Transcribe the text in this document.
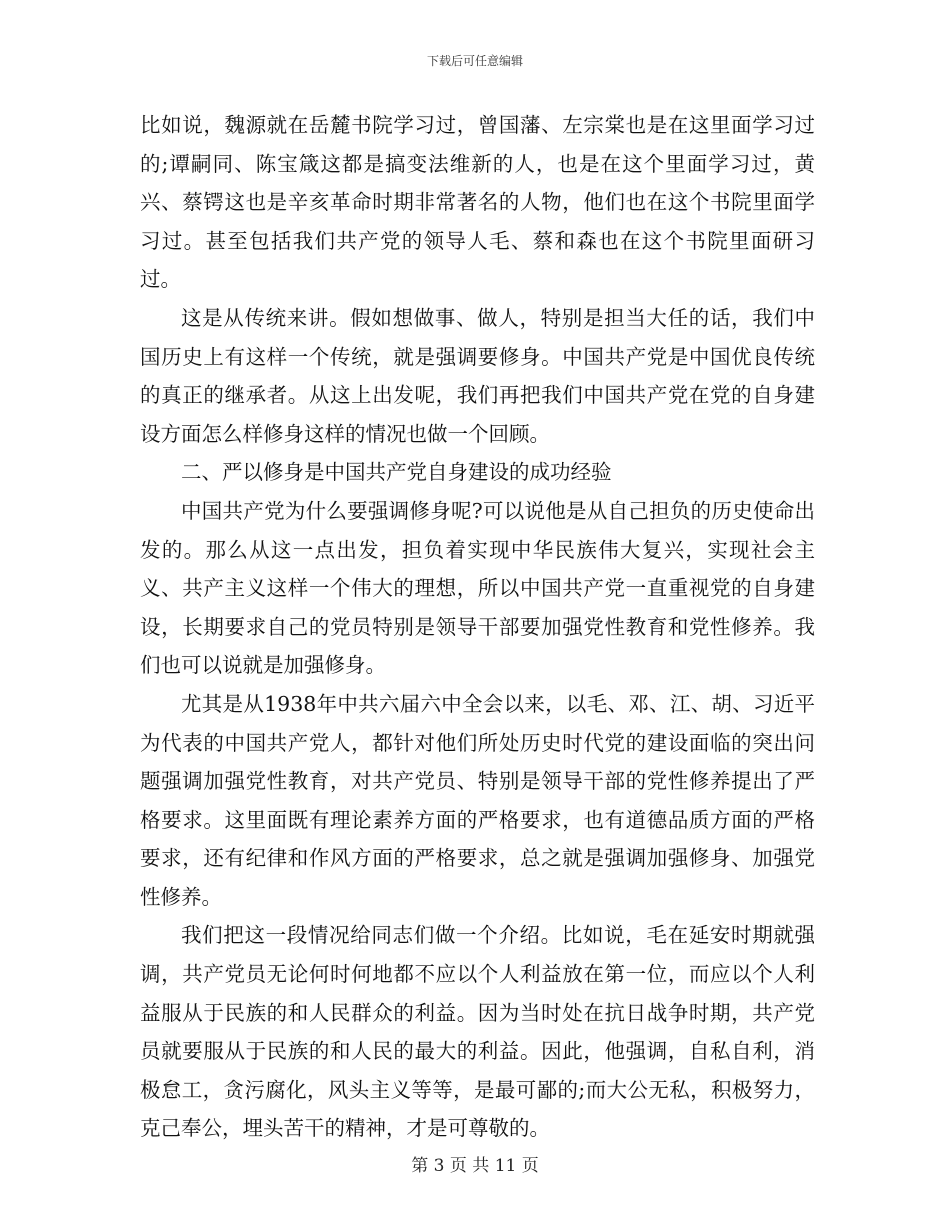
下载后可任意编辑

比如说，魏源就在岳麓书院学习过，曾国藩、左宗棠也是在这里面学习过的;谭嗣同、陈宝箴这都是搞变法维新的人，也是在这个里面学习过，黄兴、蔡锷这也是辛亥革命时期非常著名的人物，他们也在这个书院里面学习过。甚至包括我们共产党的领导人毛、蔡和森也在这个书院里面研习过。

这是从传统来讲。假如想做事、做人，特别是担当大任的话，我们中国历史上有这样一个传统，就是强调要修身。中国共产党是中国优良传统的真正的继承者。从这上出发呢，我们再把我们中国共产党在党的自身建设方面怎么样修身这样的情况也做一个回顾。

二、严以修身是中国共产党自身建设的成功经验

中国共产党为什么要强调修身呢?可以说他是从自己担负的历史使命出发的。那么从这一点出发，担负着实现中华民族伟大复兴，实现社会主义、共产主义这样一个伟大的理想，所以中国共产党一直重视党的自身建设，长期要求自己的党员特别是领导干部要加强党性教育和党性修养。我们也可以说就是加强修身。

尤其是从1938年中共六届六中全会以来，以毛、邓、江、胡、习近平为代表的中国共产党人，都针对他们所处历史时代党的建设面临的突出问题强调加强党性教育，对共产党员、特别是领导干部的党性修养提出了严格要求。这里面既有理论素养方面的严格要求，也有道德品质方面的严格要求，还有纪律和作风方面的严格要求，总之就是强调加强修身、加强党性修养。

我们把这一段情况给同志们做一个介绍。比如说，毛在延安时期就强调，共产党员无论何时何地都不应以个人利益放在第一位，而应以个人利益服从于民族的和人民群众的利益。因为当时处在抗日战争时期，共产党员就要服从于民族的和人民的最大的利益。因此，他强调，自私自利，消极怠工，贪污腐化，风头主义等等，是最可鄙的;而大公无私，积极努力，克己奉公，埋头苦干的精神，才是可尊敬的。

第 3 页 共 11 页
